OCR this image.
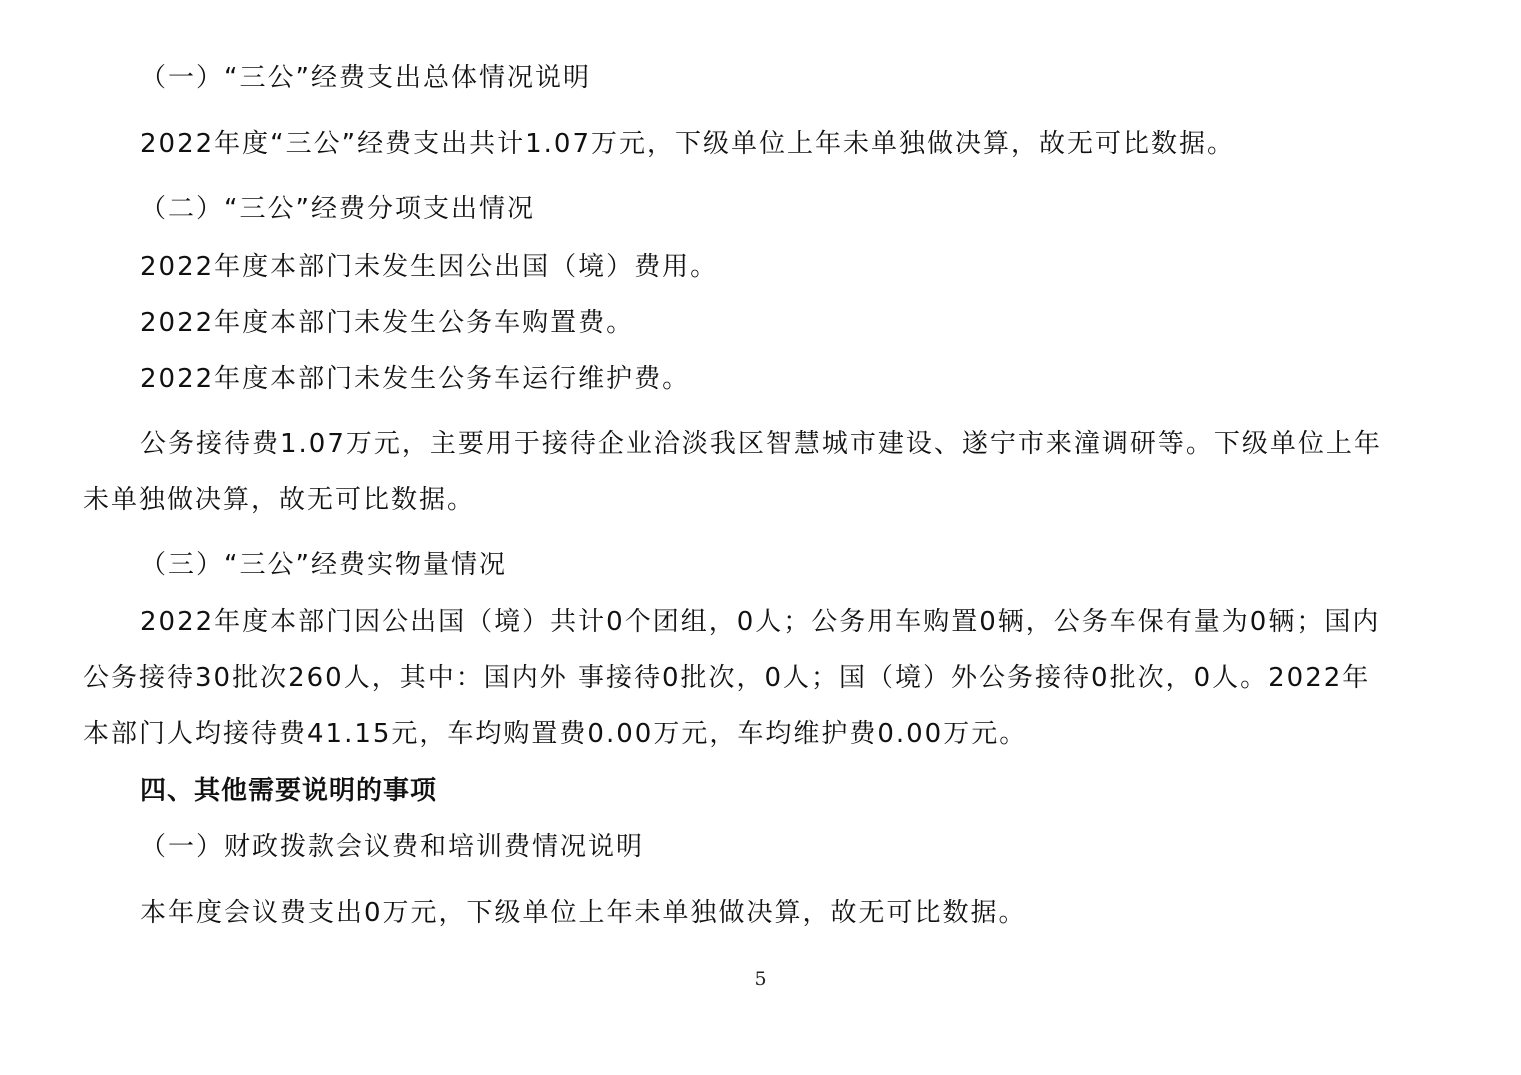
（一）“三公”经费支出总体情况说明
2022年度“三公”经费支出共计1.07万元，下级单位上年未单独做决算，故无可比数据。
（二）“三公”经费分项支出情况
2022年度本部门未发生因公出国（境）费用。
2022年度本部门未发生公务车购置费。
2022年度本部门未发生公务车运行维护费。
公务接待费1.07万元，主要用于接待企业洽淡我区智慧城市建设、遂宁市来潼调研等。下级单位上年
未单独做决算，故无可比数据。
（三）“三公”经费实物量情况
2022年度本部门因公出国（境）共计0个团组，0人；公务用车购置0辆，公务车保有量为0辆；国内
公务接待30批次260人，其中：国内外 事接待0批次，0人；国（境）外公务接待0批次，0人。2022年
本部门人均接待费41.15元，车均购置费0.00万元，车均维护费0.00万元。
四、其他需要说明的事项
（一）财政拨款会议费和培训费情况说明
本年度会议费支出0万元，下级单位上年未单独做决算，故无可比数据。
5
